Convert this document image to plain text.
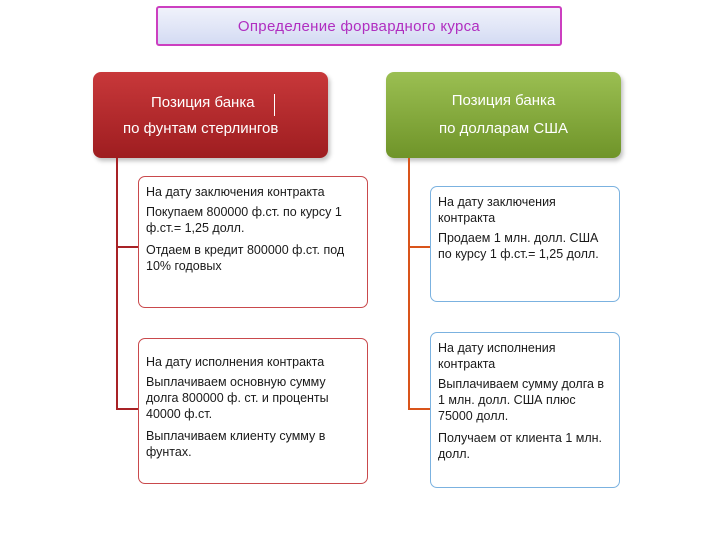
Определение форвардного курса
Позиция банка
по фунтам стерлингов

На дату заключения контракта

Покупаем 800000 ф.ст. по курсу 1 ф.ст.= 1,25 долл.

Отдаем в кредит 800000 ф.ст. под 10% годовых

На дату исполнения контракта

Выплачиваем основную сумму долга 800000 ф. ст. и проценты 40000 ф.ст.

Выплачиваем клиенту сумму в фунтах.

Позиция банка
по долларам США

На дату заключения контракта

Продаем 1 млн. долл. США по курсу 1 ф.ст.= 1,25 долл.

На дату исполнения контракта

Выплачиваем сумму долга в 1 млн. долл. США плюс 75000 долл.

Получаем от клиента 1 млн. долл.
